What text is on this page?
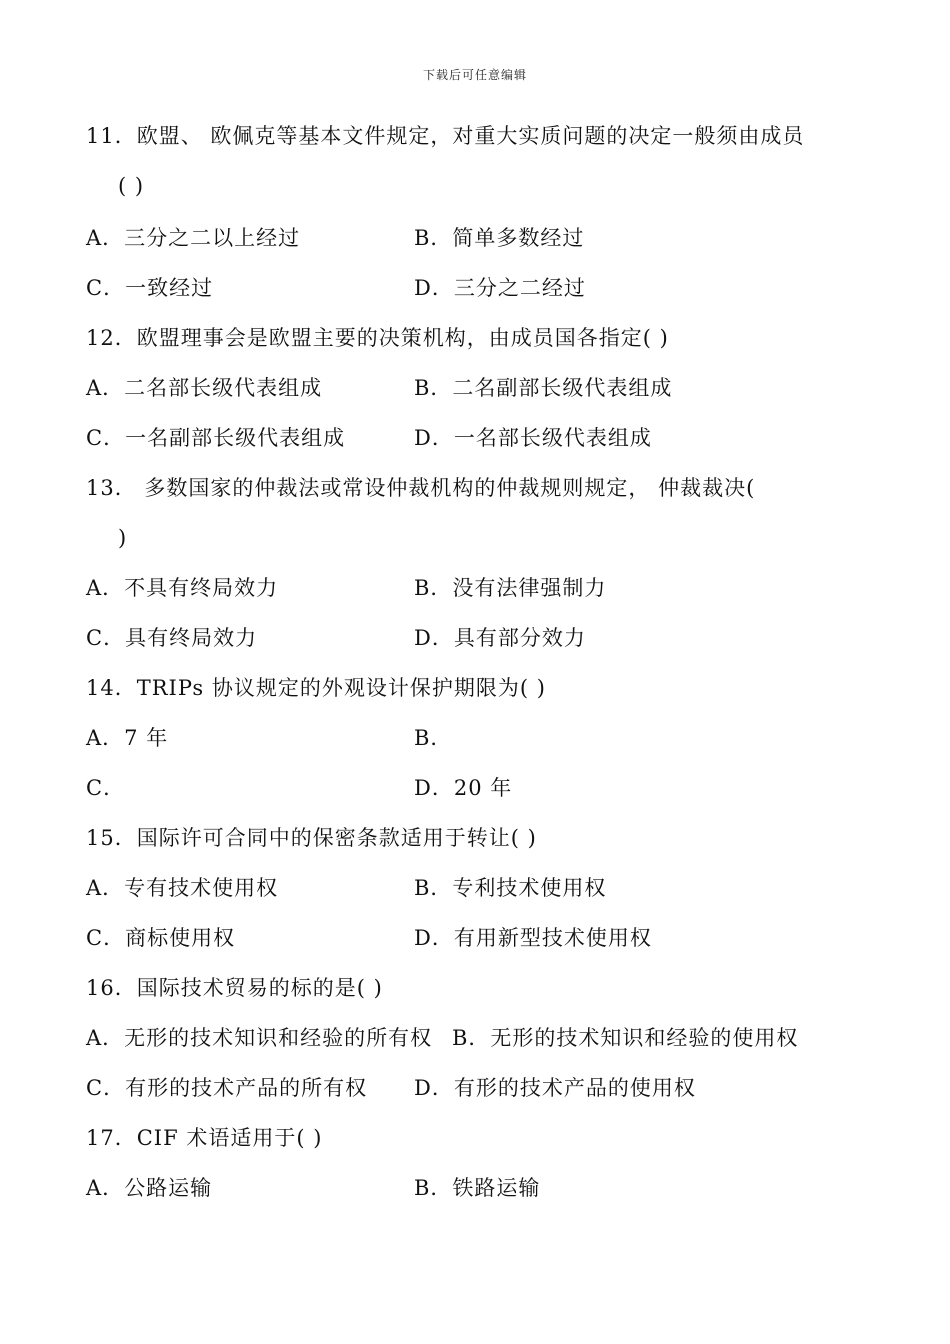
下载后可任意编辑
11．欧盟、 欧佩克等基本文件规定，对重大实质问题的决定一般须由成员
( )
A．三分之二以上经过	B．简单多数经过
C．一致经过	D．三分之二经过
12．欧盟理事会是欧盟主要的决策机构，由成员国各指定( )
A．二名部长级代表组成	B．二名副部长级代表组成
C．一名副部长级代表组成	D．一名部长级代表组成
13． 多数国家的仲裁法或常设仲裁机构的仲裁规则规定， 仲裁裁决(
)
A．不具有终局效力	B．没有法律强制力
C．具有终局效力	D．具有部分效力
14．TRIPs 协议规定的外观设计保护期限为( )
A．7 年	B．
C．	D．20 年
15．国际许可合同中的保密条款适用于转让( )
A．专有技术使用权	B．专利技术使用权
C．商标使用权	D．有用新型技术使用权
16．国际技术贸易的标的是( )
A．无形的技术知识和经验的所有权 B．无形的技术知识和经验的使用权
C．有形的技术产品的所有权 D．有形的技术产品的使用权
17．CIF 术语适用于( )
A．公路运输	B．铁路运输
